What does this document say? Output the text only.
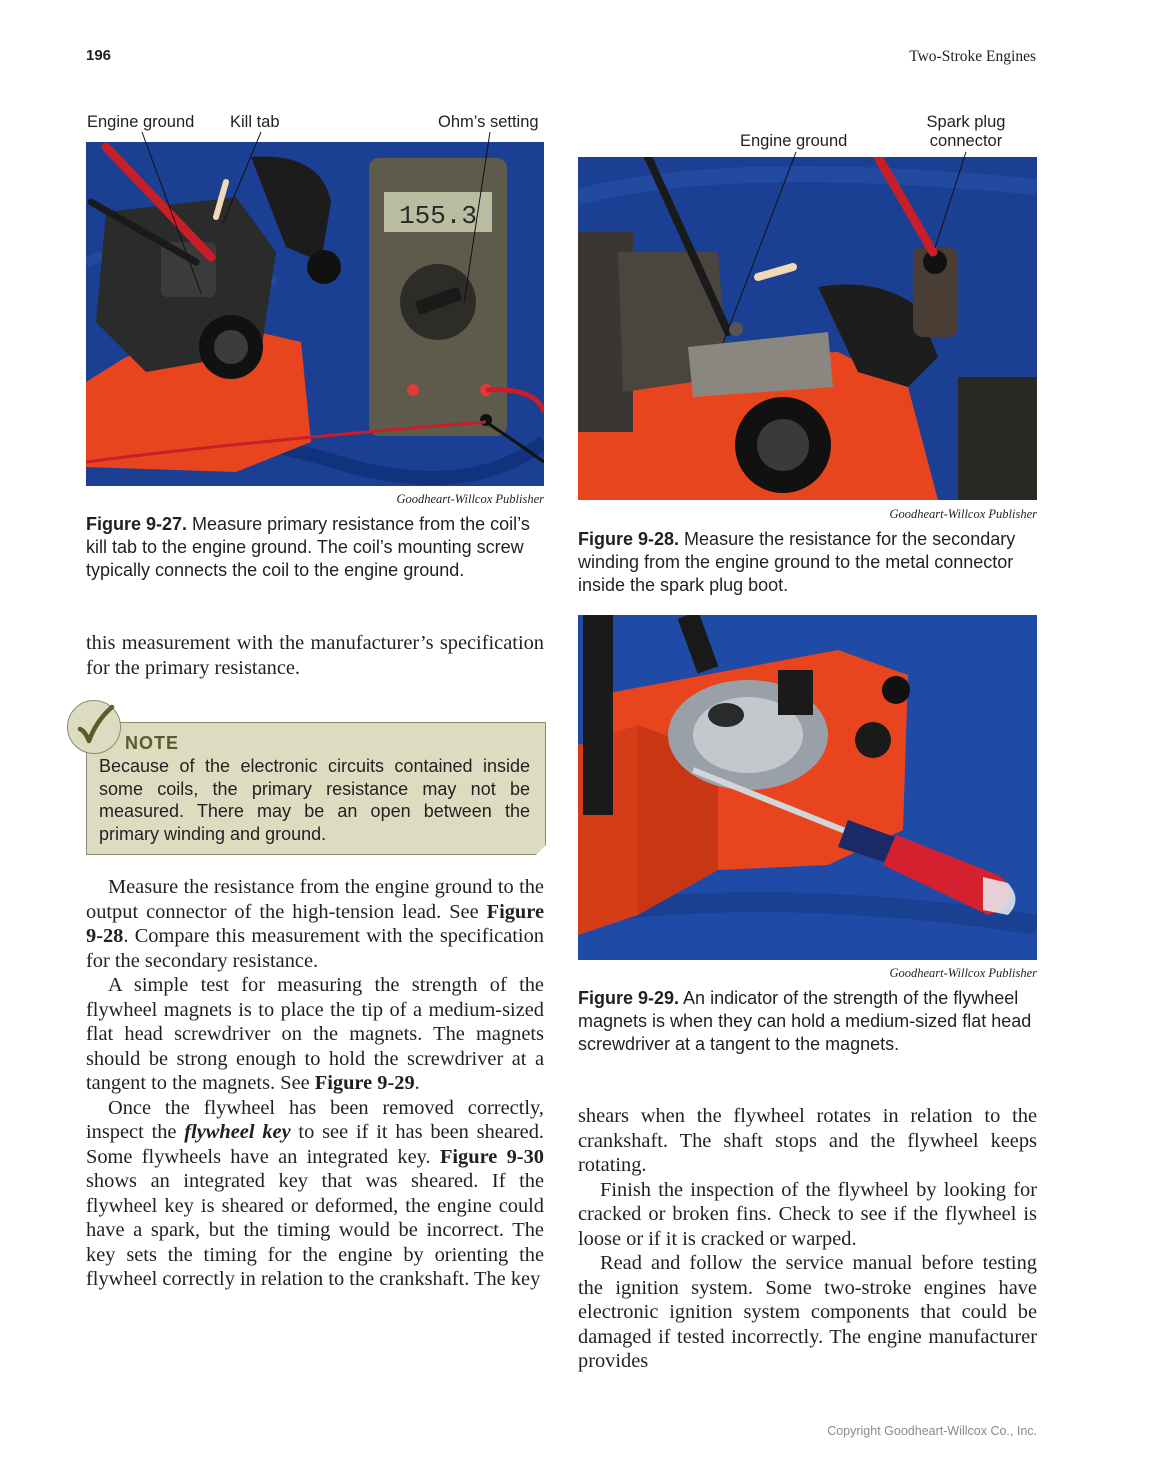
196	Two-Stroke Engines
Engine ground Kill tab	Ohm’s setting
155.3
Goodheart-Willcox Publisher
Figure 9-27. Measure primary resistance from the coil’s kill tab to the engine ground. The coil’s mounting screw typically connects the coil to the engine ground.
Engine ground
Spark plug
connector
Goodheart-Willcox Publisher
Figure 9-28. Measure the resistance for the secondary winding from the engine ground to the metal connector inside the spark plug boot.
Goodheart-Willcox Publisher
Figure 9-29. An indicator of the strength of the flywheel magnets is when they can hold a medium-sized flat head screwdriver at a tangent to the magnets.

this measurement with the manufacturer’s specification for the primary resistance.

NOTE
Because of the electronic circuits contained inside some coils, the primary resistance may not be measured. There may be an open between the primary winding and ground.

Measure the resistance from the engine ground to the output connector of the high-tension lead. See Figure 9-28. Compare this measurement with the specification for the secondary resistance.

A simple test for measuring the strength of the flywheel magnets is to place the tip of a medium-sized flat head screwdriver on the magnets. The magnets should be strong enough to hold the screwdriver at a tangent to the magnets. See Figure 9-29.

Once the flywheel has been removed correctly, inspect the flywheel key to see if it has been sheared. Some flywheels have an integrated key. Figure 9-30 shows an integrated key that was sheared. If the flywheel key is sheared or deformed, the engine could have a spark, but the timing would be incorrect. The key sets the timing for the engine by orienting the flywheel correctly in relation to the crankshaft. The key

shears when the flywheel rotates in relation to the crankshaft. The shaft stops and the flywheel keeps rotating.

Finish the inspection of the flywheel by looking for cracked or broken fins. Check to see if the flywheel is loose or if it is cracked or warped.

Read and follow the service manual before testing the ignition system. Some two-stroke engines have electronic ignition system components that could be damaged if tested incorrectly. The engine manufacturer provides

Copyright Goodheart-Willcox Co., Inc.
